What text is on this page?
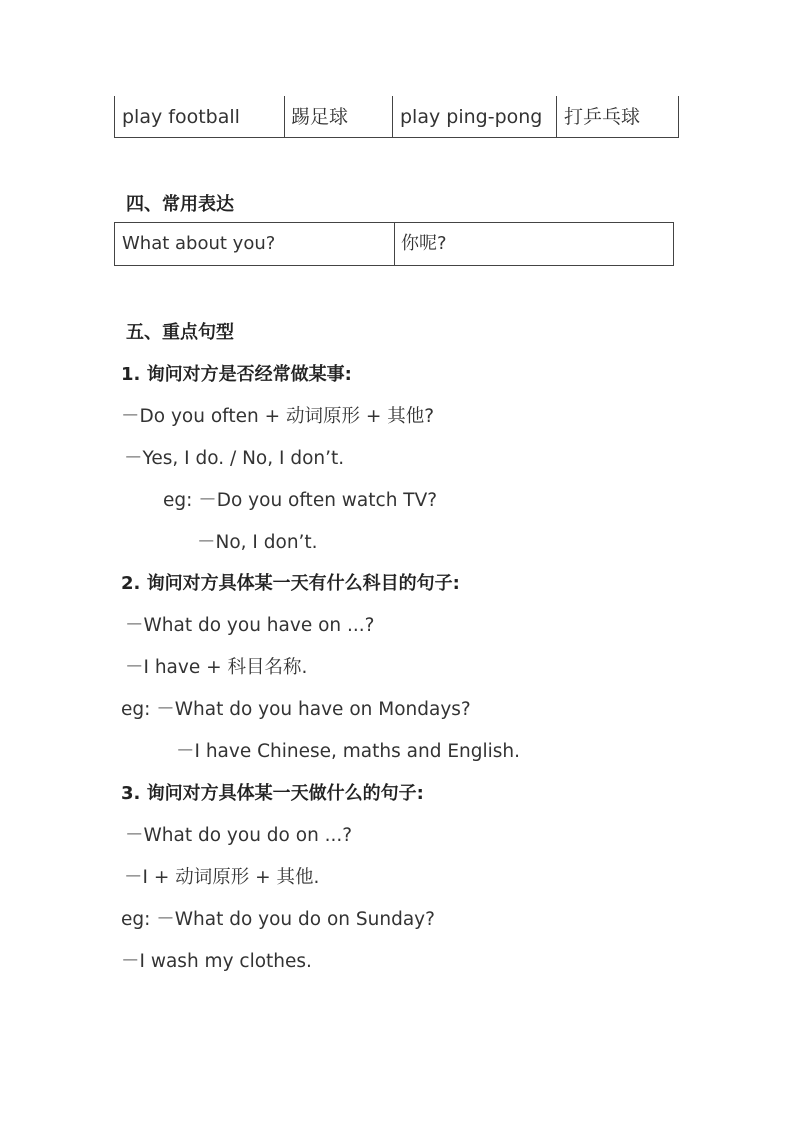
play football	踢足球	play ping-pong 打乒乓球
四、常用表达
What about you?	你呢?
五、重点句型
1. 询问对方是否经常做某事:
－Do you often + 动词原形 + 其他?
－Yes, I do. / No, I don’t.
eg: －Do you often watch TV?
－No, I don’t.
2. 询问对方具体某一天有什么科目的句子:
－What do you have on ...?
－I have + 科目名称.
eg: －What do you have on Mondays?
－I have Chinese, maths and English.
3. 询问对方具体某一天做什么的句子:
－What do you do on ...?
－I + 动词原形 + 其他.
eg: －What do you do on Sunday?
－I wash my clothes.
